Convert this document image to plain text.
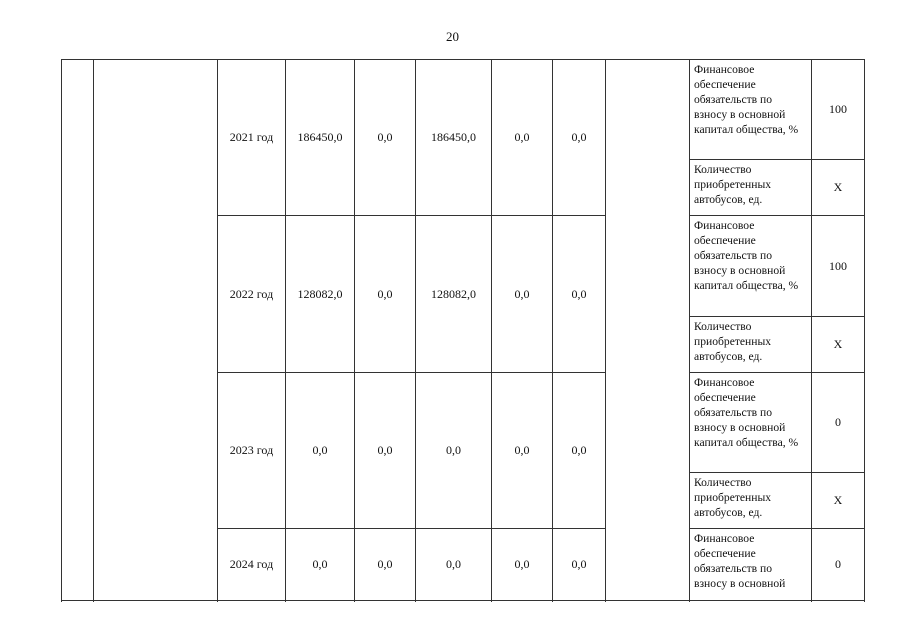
20
		2021 год	186450,0	0,0	186450,0	0,0	0,0		Финансовое обеспечение обязательств по взносу в основной капитал общества, %	100

									Количество приобретенных автобусов, ед.	Х
		2022 год	128082,0	0,0	128082,0	0,0	0,0		Финансовое обеспечение обязательств по взносу в основной капитал общества, %	100

									Количество приобретенных автобусов, ед.	Х
		2023 год	0,0	0,0	0,0	0,0	0,0		Финансовое обеспечение обязательств по взносу в основной капитал общества, %	0

									Количество приобретенных автобусов, ед.	Х
		2024 год	0,0	0,0	0,0	0,0	0,0		Финансовое обеспечение обязательств по взносу в основной	0
